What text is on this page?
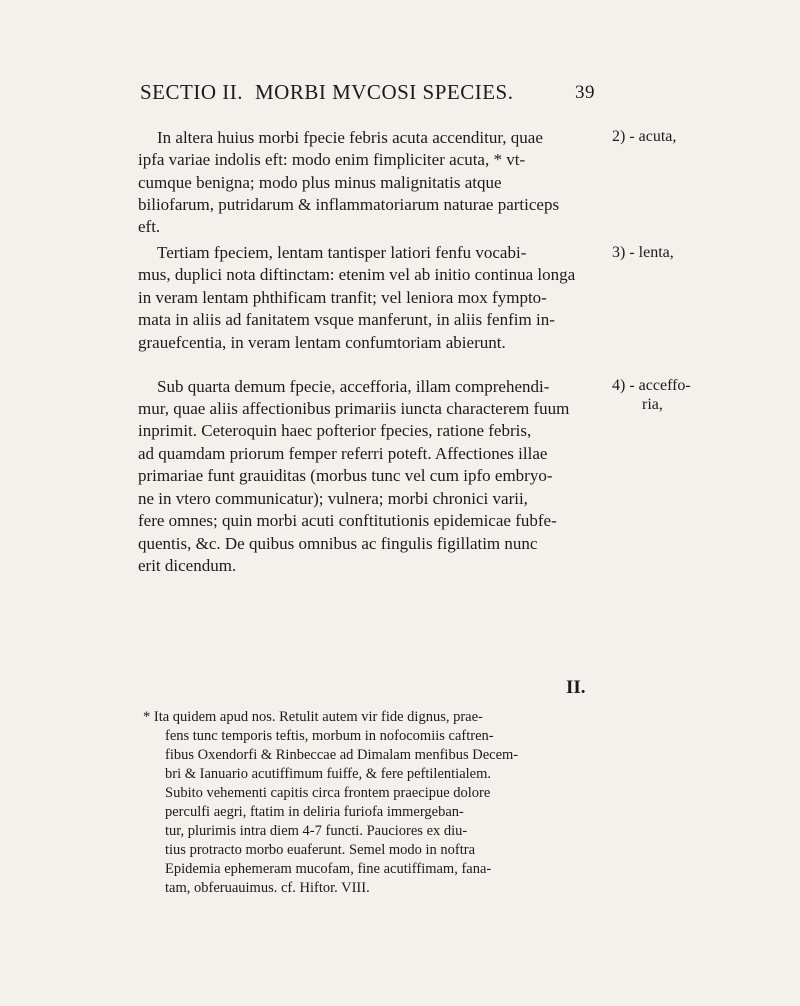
SECTIO II. MORBI MVCOSI SPECIES.	39
In altera huius morbi fpecie febris acuta accenditur, quae
ipfa variae indolis eft: modo enim fimpliciter acuta, * vt-
cumque benigna; modo plus minus malignitatis atque
biliofarum, putridarum & inflammatoriarum naturae particeps
eft.
2) - acuta,
Tertiam fpeciem, lentam tantisper latiori fenfu vocabi-
mus, duplici nota diftinctam: etenim vel ab initio continua longa
in veram lentam phthificam tranfit; vel leniora mox fympto-
mata in aliis ad fanitatem vsque manferunt, in aliis fenfim in-
grauefcentia, in veram lentam confumtoriam abierunt.
3) - lenta,
Sub quarta demum fpecie, accefforia, illam comprehendi-
mur, quae aliis affectionibus primariis iuncta characterem fuum
inprimit. Ceteroquin haec pofterior fpecies, ratione febris,
ad quamdam priorum femper referri poteft. Affectiones illae
primariae funt grauiditas (morbus tunc vel cum ipfo embryo-
ne in vtero communicatur); vulnera; morbi chronici varii,
fere omnes; quin morbi acuti conftitutionis epidemicae fubfe-
quentis, &c. De quibus omnibus ac fingulis figillatim nunc
erit dicendum.
4) - acceffo-
ria,
II.
* Ita quidem apud nos. Retulit autem vir fide dignus, prae-
fens tunc temporis teftis, morbum in nofocomiis caftren-
fibus Oxendorfi & Rinbeccae ad Dimalam menfibus Decem-
bri & Ianuario acutiffimum fuiffe, & fere peftilentialem.
Subito vehementi capitis circa frontem praecipue dolore
perculfi aegri, ftatim in deliria furiofa immergeban-
tur, plurimis intra diem 4-7 functi. Pauciores ex diu-
tius protracto morbo euaferunt. Semel modo in noftra
Epidemia ephemeram mucofam, fine acutiffimam, fana-
tam, obferuauimus. cf. Hiftor. VIII.
